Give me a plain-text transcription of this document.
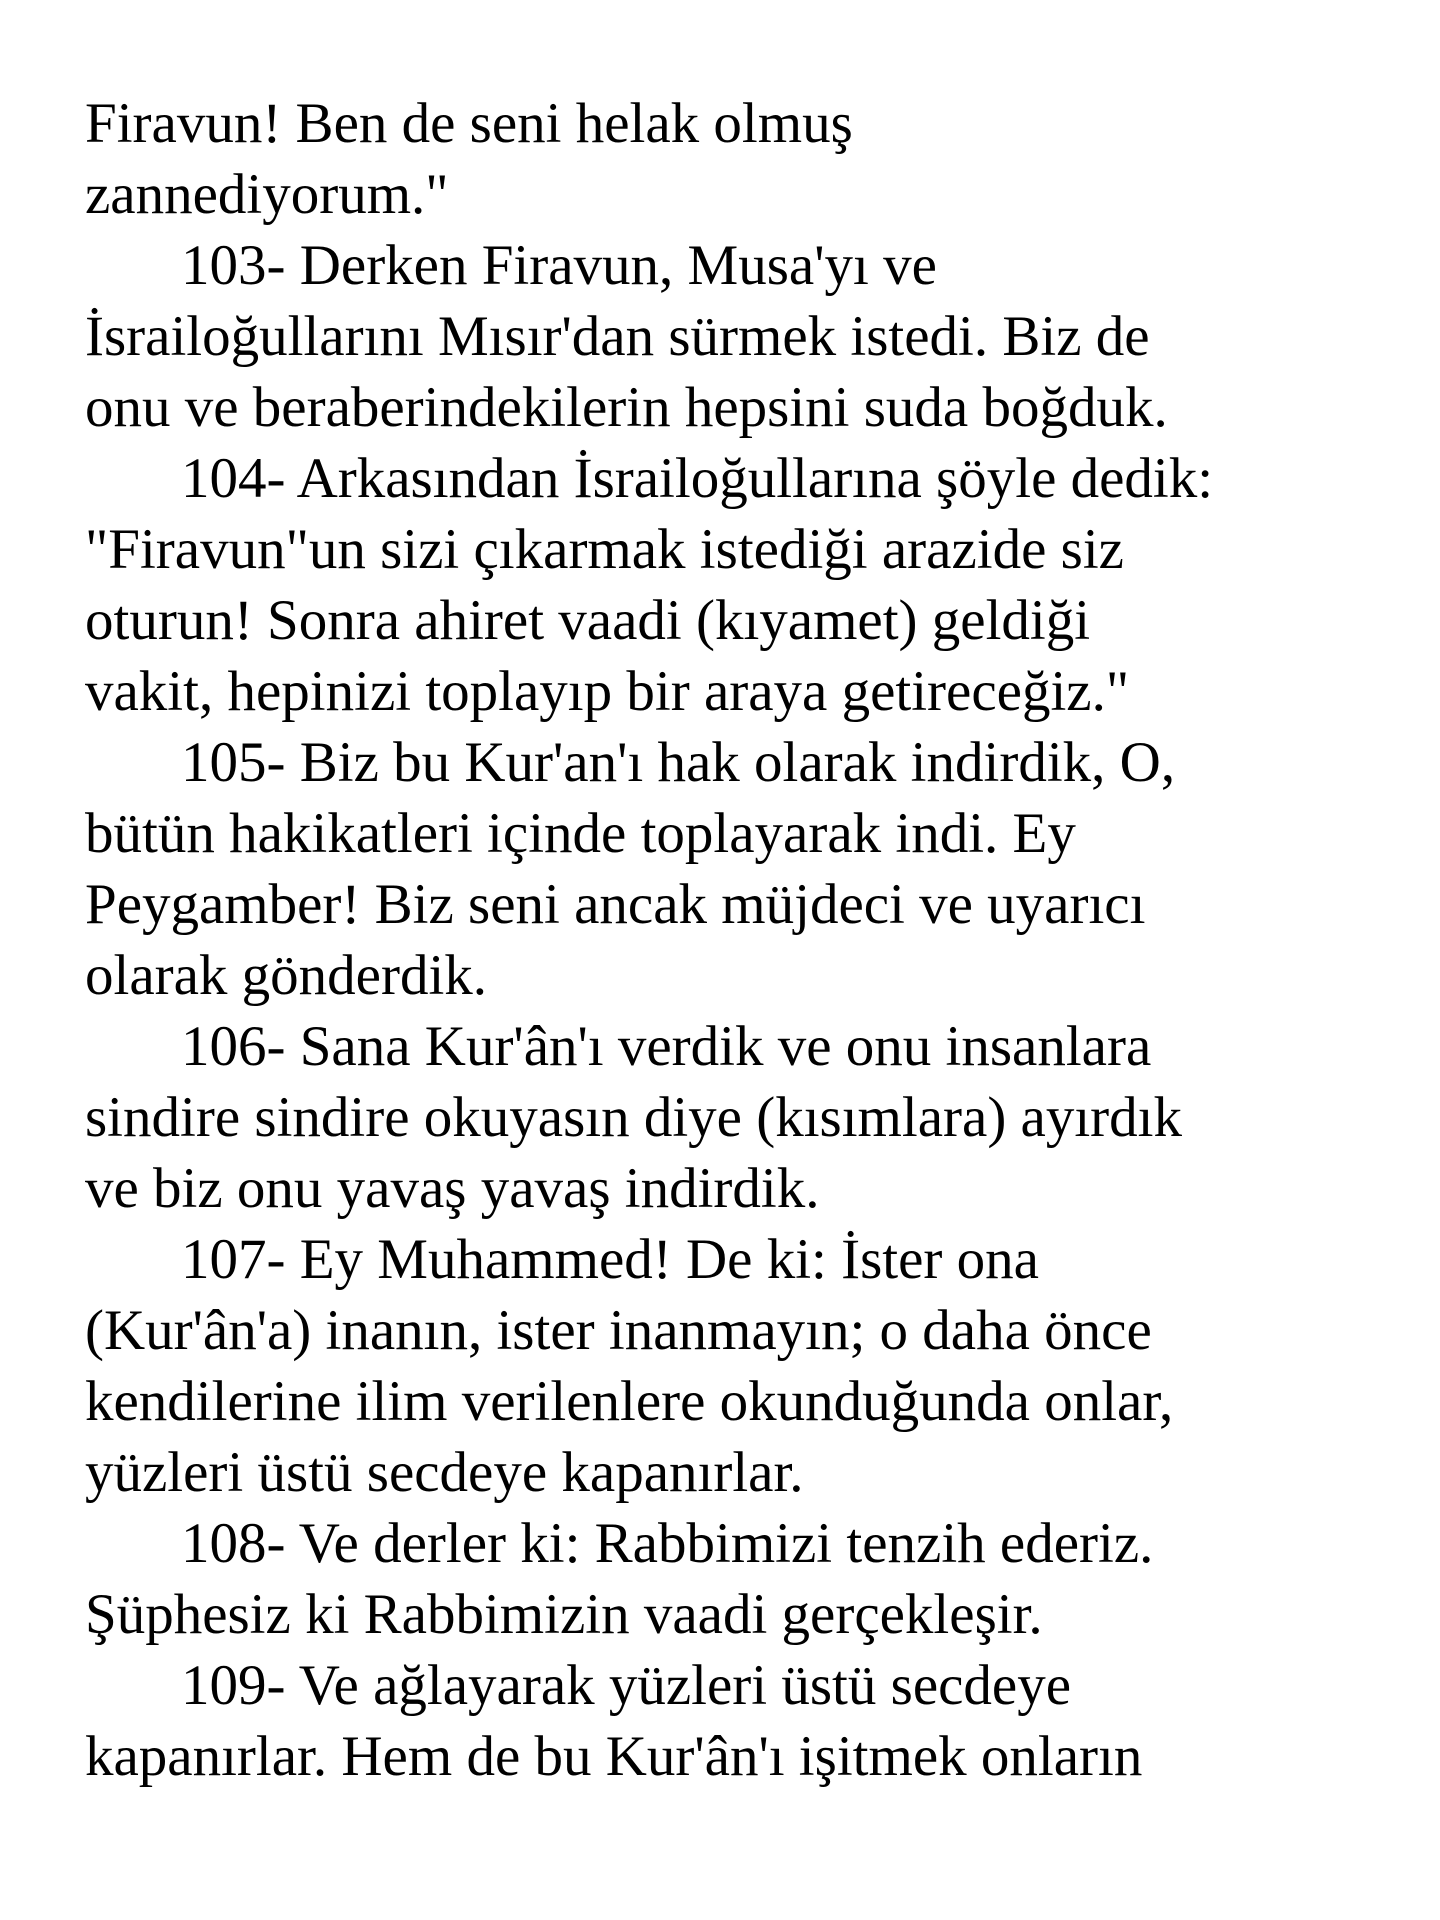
Firavun! Ben de seni helak olmuş
zannediyorum."
103- Derken Firavun, Musa'yı ve
İsrailoğullarını Mısır'dan sürmek istedi. Biz de
onu ve beraberindekilerin hepsini suda boğduk.
104- Arkasından İsrailoğullarına şöyle dedik:
"Firavun"un sizi çıkarmak istediği arazide siz
oturun! Sonra ahiret vaadi (kıyamet) geldiği
vakit, hepinizi toplayıp bir araya getireceğiz."
105- Biz bu Kur'an'ı hak olarak indirdik, O,
bütün hakikatleri içinde toplayarak indi. Ey
Peygamber! Biz seni ancak müjdeci ve uyarıcı
olarak gönderdik.
106- Sana Kur'ân'ı verdik ve onu insanlara
sindire sindire okuyasın diye (kısımlara) ayırdık
ve biz onu yavaş yavaş indirdik.
107- Ey Muhammed! De ki: İster ona
(Kur'ân'a) inanın, ister inanmayın; o daha önce
kendilerine ilim verilenlere okunduğunda onlar,
yüzleri üstü secdeye kapanırlar.
108- Ve derler ki: Rabbimizi tenzih ederiz.
Şüphesiz ki Rabbimizin vaadi gerçekleşir.
109- Ve ağlayarak yüzleri üstü secdeye
kapanırlar. Hem de bu Kur'ân'ı işitmek onların
